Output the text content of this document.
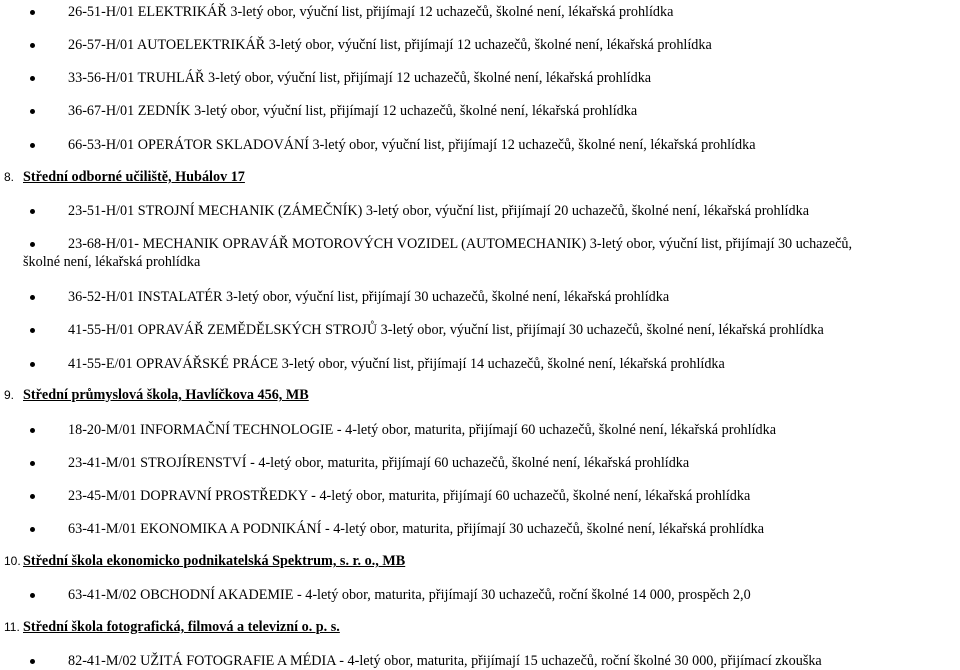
26-51-H/01 ELEKTRIKÁŘ 3-letý obor, výuční list, přijímají 12 uchazečů, školné není, lékařská prohlídka
26-57-H/01 AUTOELEKTRIKÁŘ 3-letý obor, výuční list, přijímají 12 uchazečů, školné není, lékařská prohlídka
33-56-H/01 TRUHLÁŘ 3-letý obor, výuční list, přijímají 12 uchazečů, školné není, lékařská prohlídka
36-67-H/01 ZEDNÍK 3-letý obor, výuční list, přijímají 12 uchazečů, školné není, lékařská prohlídka
66-53-H/01 OPERÁTOR SKLADOVÁNÍ 3-letý obor, výuční list, přijímají 12 uchazečů, školné není, lékařská prohlídka
8. Střední odborné učiliště, Hubálov 17
23-51-H/01 STROJNÍ MECHANIK (ZÁMEČNÍK) 3-letý obor, výuční list, přijímají 20 uchazečů, školné není, lékařská prohlídka
23-68-H/01- MECHANIK OPRAVÁŘ MOTOROVÝCH VOZIDEL (AUTOMECHANIK) 3-letý obor, výuční list, přijímají 30 uchazečů,
školné není, lékařská prohlídka
36-52-H/01 INSTALATÉR 3-letý obor, výuční list, přijímají 30 uchazečů, školné není, lékařská prohlídka
41-55-H/01 OPRAVÁŘ ZEMĚDĚLSKÝCH STROJŮ 3-letý obor, výuční list, přijímají 30 uchazečů, školné není, lékařská prohlídka
41-55-E/01 OPRAVÁŘSKÉ PRÁCE 3-letý obor, výuční list, přijímají 14 uchazečů, školné není, lékařská prohlídka
9. Střední průmyslová škola, Havlíčkova 456, MB
18-20-M/01 INFORMAČNÍ TECHNOLOGIE - 4-letý obor, maturita, přijímají 60 uchazečů, školné není, lékařská prohlídka
23-41-M/01 STROJÍRENSTVÍ - 4-letý obor, maturita, přijímají 60 uchazečů, školné není, lékařská prohlídka
23-45-M/01 DOPRAVNÍ PROSTŘEDKY - 4-letý obor, maturita, přijímají 60 uchazečů, školné není, lékařská prohlídka
63-41-M/01 EKONOMIKA A PODNIKÁNÍ - 4-letý obor, maturita, přijímají 30 uchazečů, školné není, lékařská prohlídka
10. Střední škola ekonomicko podnikatelská Spektrum, s. r. o., MB
63-41-M/02 OBCHODNÍ AKADEMIE - 4-letý obor, maturita, přijímají 30 uchazečů, roční školné 14 000, prospěch 2,0
11. Střední škola fotografická, filmová a televizní o. p. s.
82-41-M/02 UŽITÁ FOTOGRAFIE A MÉDIA - 4-letý obor, maturita, přijímají 15 uchazečů, roční školné 30 000, přijímací zkouška
